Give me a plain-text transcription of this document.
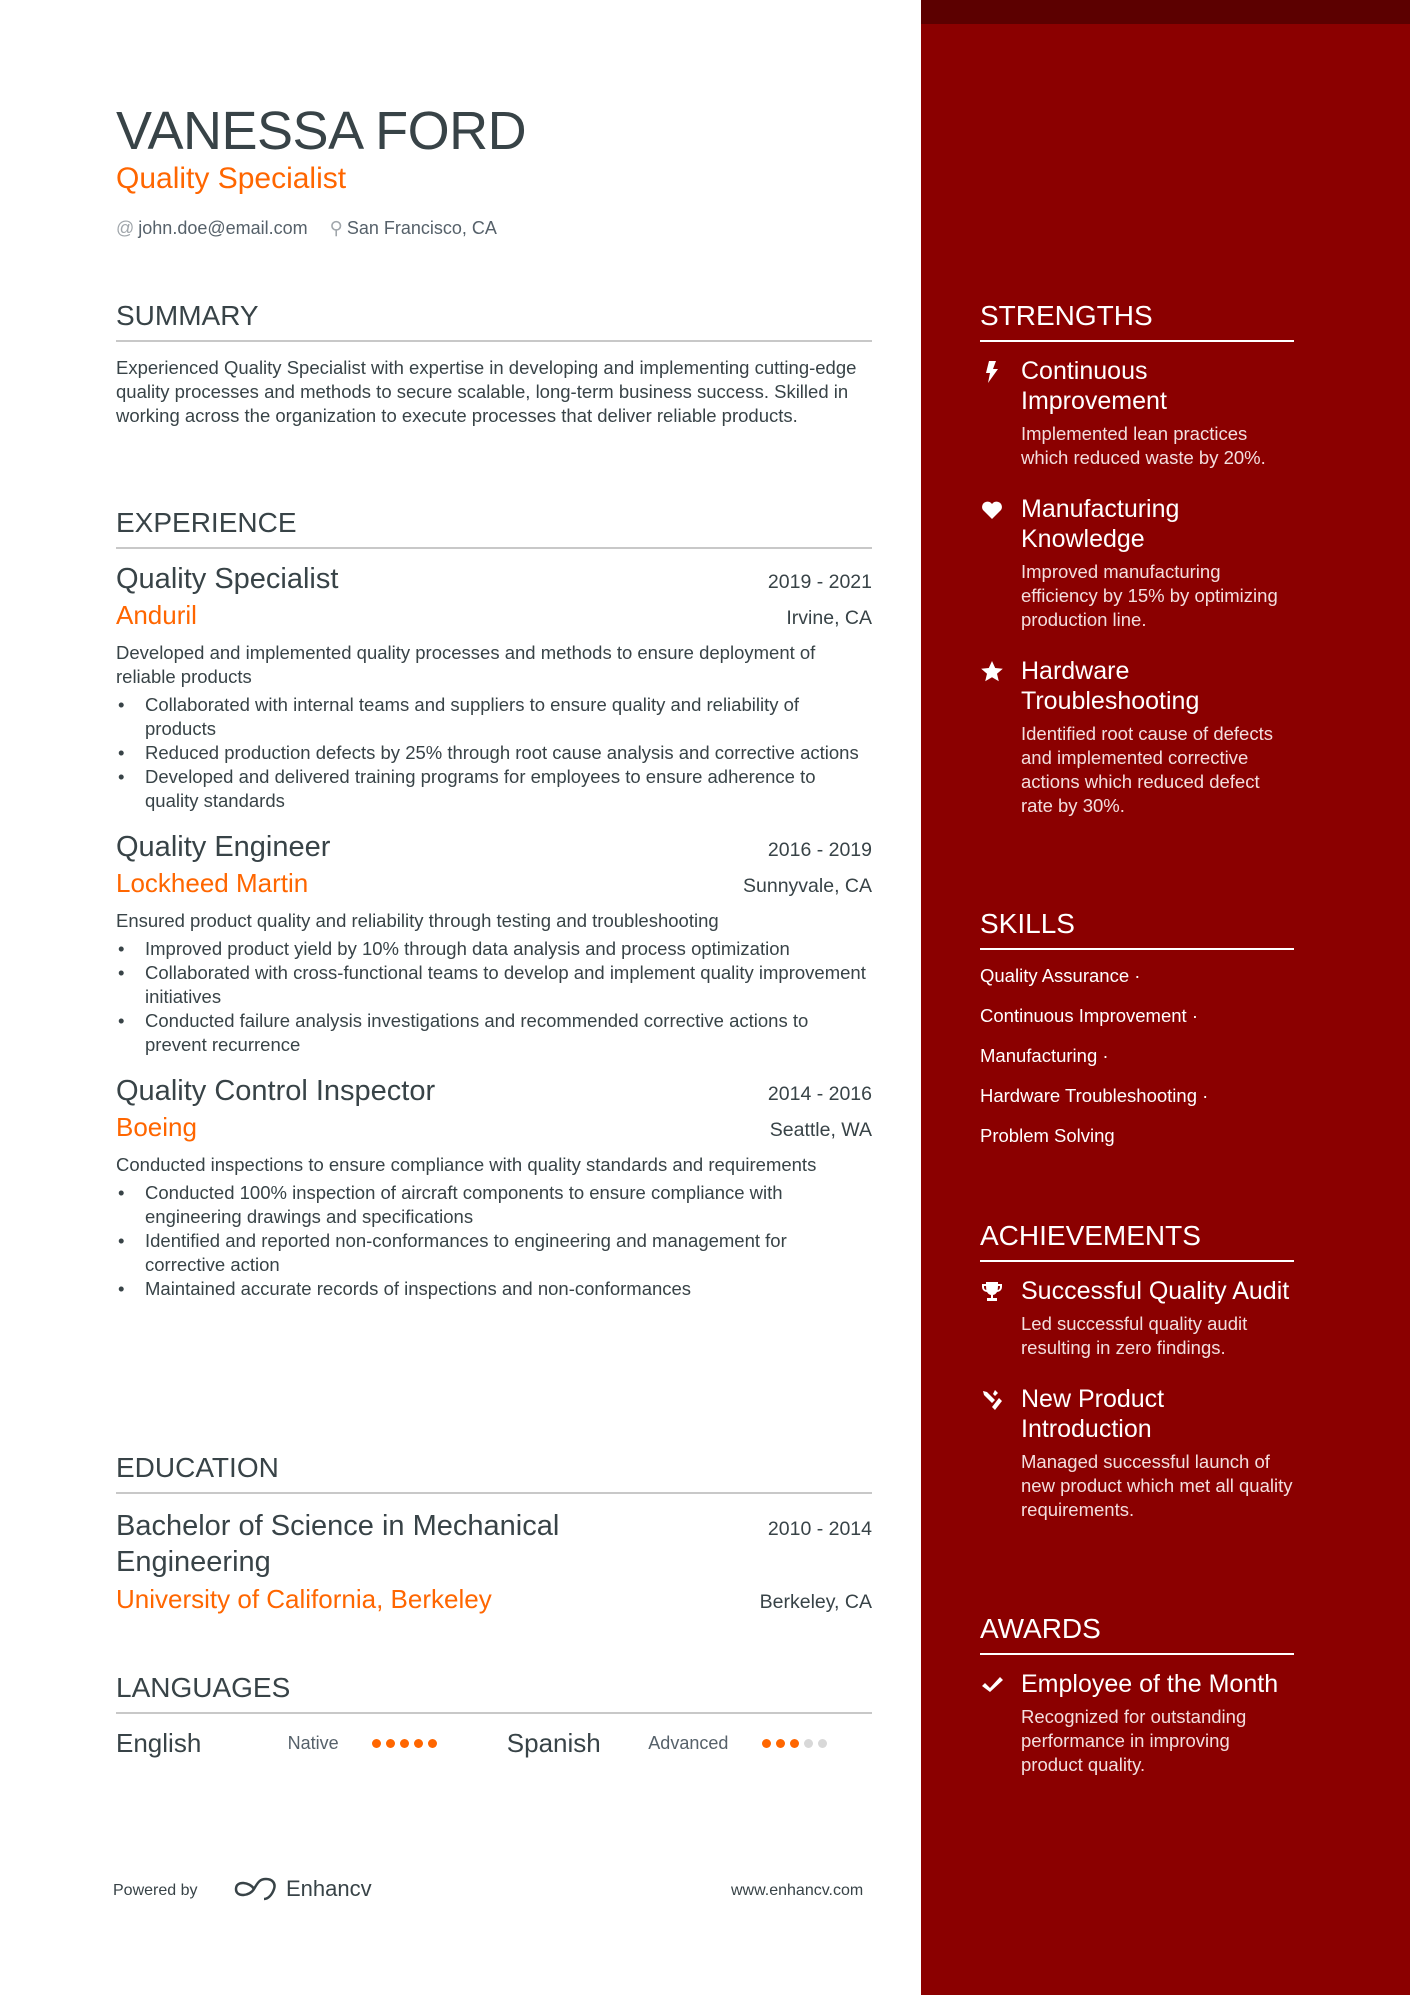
VANESSA FORD
Quality Specialist
@ john.doe@email.com ⚲ San Francisco, CA
SUMMARY
Experienced Quality Specialist with expertise in developing and implementing cutting-edge quality processes and methods to secure scalable, long-term business success. Skilled in working across the organization to execute processes that deliver reliable products.
EXPERIENCE
Quality Specialist	2019 - 2021
Anduril	Irvine, CA
Developed and implemented quality processes and methods to ensure deployment of reliable products
• Collaborated with internal teams and suppliers to ensure quality and reliability of products
• Reduced production defects by 25% through root cause analysis and corrective actions
• Developed and delivered training programs for employees to ensure adherence to quality standards
Quality Engineer	2016 - 2019
Lockheed Martin	Sunnyvale, CA
Ensured product quality and reliability through testing and troubleshooting
• Improved product yield by 10% through data analysis and process optimization
• Collaborated with cross-functional teams to develop and implement quality improvement initiatives
• Conducted failure analysis investigations and recommended corrective actions to prevent recurrence
Quality Control Inspector	2014 - 2016
Boeing	Seattle, WA
Conducted inspections to ensure compliance with quality standards and requirements
• Conducted 100% inspection of aircraft components to ensure compliance with engineering drawings and specifications
• Identified and reported non-conformances to engineering and management for corrective action
• Maintained accurate records of inspections and non-conformances
EDUCATION
Bachelor of Science in Mechanical Engineering
2010 - 2014
University of California, Berkeley	Berkeley, CA
LANGUAGES
English	Native	Spanish	Advanced
STRENGTHS
Continuous Improvement
Implemented lean practices which reduced waste by 20%.
Manufacturing Knowledge
Improved manufacturing efficiency by 15% by optimizing production line.
Hardware Troubleshooting
Identified root cause of defects and implemented corrective actions which reduced defect rate by 30%.
SKILLS
Quality Assurance ·
Continuous Improvement ·
Manufacturing ·
Hardware Troubleshooting ·
Problem Solving
ACHIEVEMENTS
Successful Quality Audit
Led successful quality audit resulting in zero findings.
New Product Introduction
Managed successful launch of new product which met all quality requirements.
AWARDS
Employee of the Month
Recognized for outstanding performance in improving product quality.
Powered by	Enhancv	www.enhancv.com
